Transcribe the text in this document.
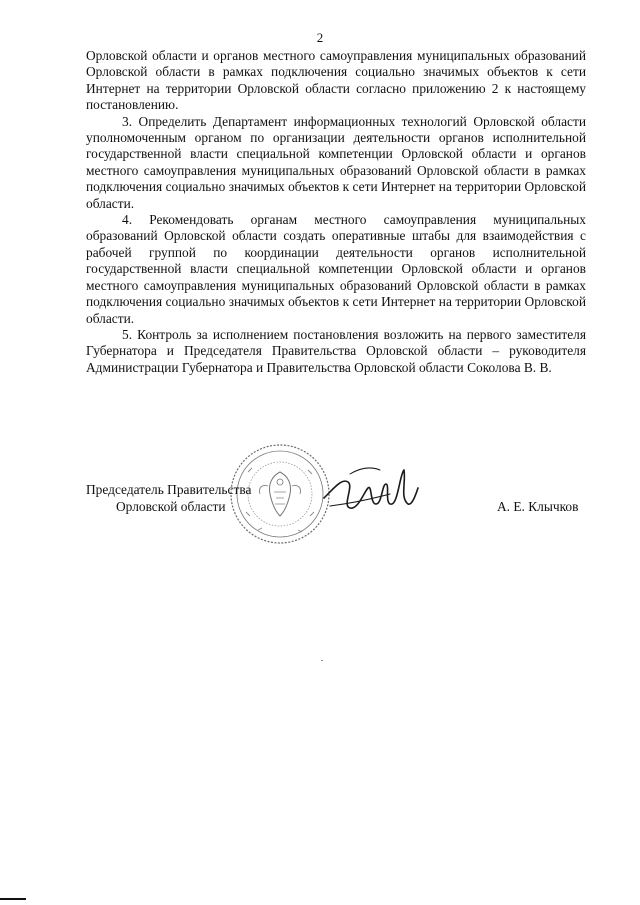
2

Орловской области и органов местного самоуправления муниципальных образований Орловской области в рамках подключения социально значимых объектов к сети Интернет на территории Орловской области согласно приложению 2 к настоящему постановлению.

3. Определить Департамент информационных технологий Орловской области уполномоченным органом по организации деятельности органов исполнительной государственной власти специальной компетенции Орловской области и органов местного самоуправления муниципальных образований Орловской области в рамках подключения социально значимых объектов к сети Интернет на территории Орловской области.

4. Рекомендовать органам местного самоуправления муниципальных образований Орловской области создать оперативные штабы для взаимодействия с рабочей группой по координации деятельности органов исполнительной государственной власти специальной компетенции Орловской области и органов местного самоуправления муниципальных образований Орловской области в рамках подключения социально значимых объектов к сети Интернет на территории Орловской области.

5. Контроль за исполнением постановления возложить на первого заместителя Губернатора и Председателя Правительства Орловской области – руководителя Администрации Губернатора и Правительства Орловской области Соколова В. В.

Председатель Правительства
Орловской области	А. Е. Клычков
